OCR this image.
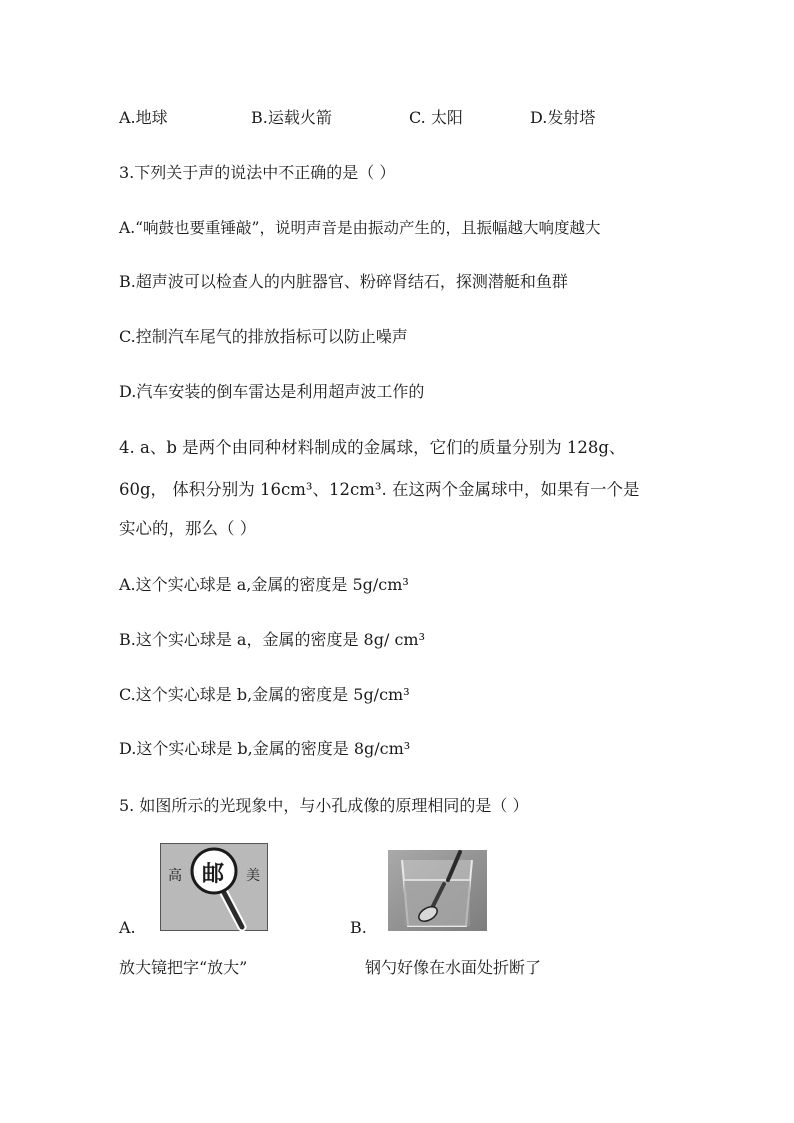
A.地球	B.运载火箭	C. 太阳	D.发射塔
3.下列关于声的说法中不正确的是（ ）
A.“响鼓也要重锤敲”，说明声音是由振动产生的，且振幅越大响度越大
B.超声波可以检查人的内脏器官、粉碎肾结石，探测潜艇和鱼群
C.控制汽车尾气的排放指标可以防止噪声
D.汽车安装的倒车雷达是利用超声波工作的
4. a、b 是两个由同种材料制成的金属球，它们的质量分别为 128g、
60g， 体积分别为 16cm³、12cm³. 在这两个金属球中，如果有一个是
实心的，那么（ ）
A.这个实心球是 a,金属的密度是 5g/cm³
B.这个实心球是 a，金属的密度是 8g/ cm³
C.这个实心球是 b,金属的密度是 5g/cm³
D.这个实心球是 b,金属的密度是 8g/cm³
5. 如图所示的光现象中，与小孔成像的原理相同的是（ ）
A.
高 邮 美
放大镜把字“放大”
B.
钢勺好像在水面处折断了
